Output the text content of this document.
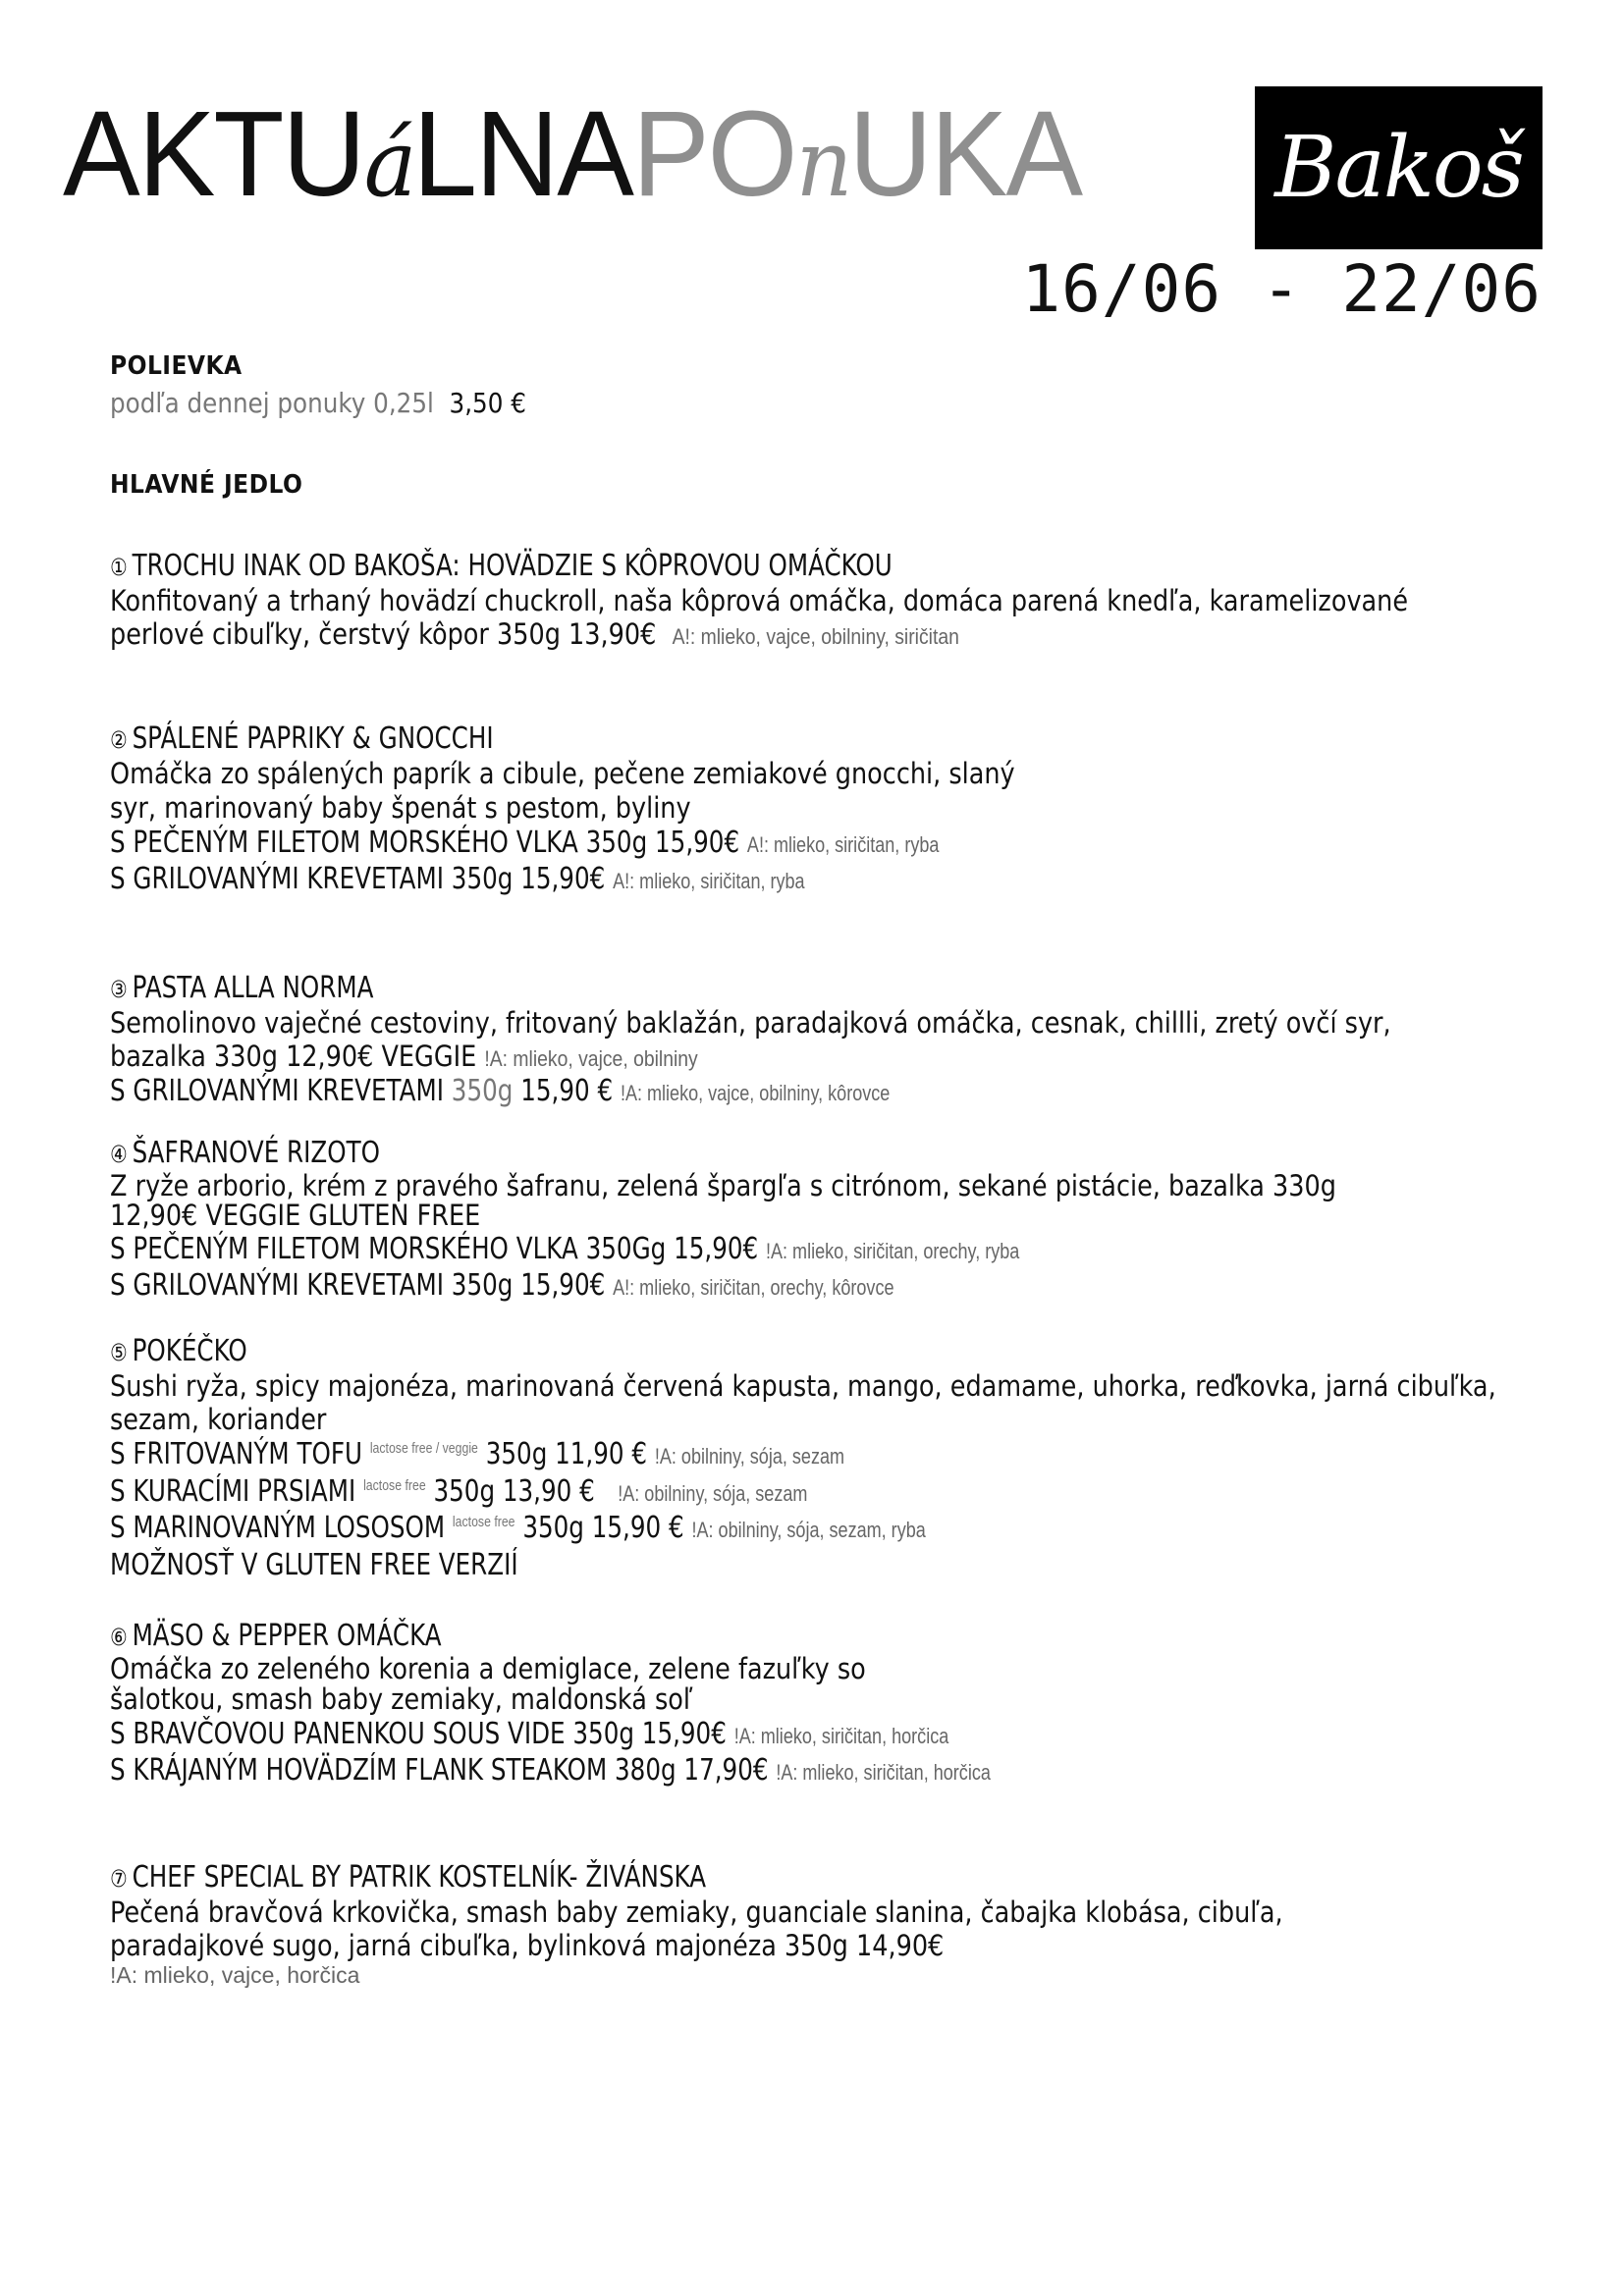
AKTUáLNAPOnUKA Bakoš
16/06 - 22/06
POLIEVKA
podľa dennej ponuky 0,25l 3,50 €
HLAVNÉ JEDLO
① TROCHU INAK OD BAKOŠA: HOVÄDZIE S KÔPROVOU OMÁČKOU
Konfitovaný a trhaný hovädzí chuckroll, naša kôprová omáčka, domáca parená knedľa, karamelizované
perlové cibuľky, čerstvý kôpor 350g 13,90€ A!: mlieko, vajce, obilniny, siričitan
② SPÁLENÉ PAPRIKY & GNOCCHI
Omáčka zo spálených paprík a cibule, pečene zemiakové gnocchi, slaný syr, marinovaný baby špenát s pestom, byliny
S PEČENÝM FILETOM MORSKÉHO VLKA 350g 15,90€ A!: mlieko, siričitan, ryba
S GRILOVANÝMI KREVETAMI 350g 15,90€ A!: mlieko, siričitan, ryba
③ PASTA ALLA NORMA
Semolinovo vaječné cestoviny, fritovaný baklažán, paradajková omáčka, cesnak, chillli, zretý ovčí syr,
bazalka 330g 12,90€ VEGGIE !A: mlieko, vajce, obilniny
S GRILOVANÝMI KREVETAMI 350g 15,90 € !A: mlieko, vajce, obilniny, kôrovce
④ ŠAFRANOVÉ RIZOTO
Z ryže arborio, krém z pravého šafranu, zelená špargľa s citrónom, sekané pistácie, bazalka 330g
12,90€ VEGGIE GLUTEN FREE
S PEČENÝM FILETOM MORSKÉHO VLKA 350Gg 15,90€ !A: mlieko, siričitan, orechy, ryba
S GRILOVANÝMI KREVETAMI 350g 15,90€ A!: mlieko, siričitan, orechy, kôrovce
⑤ POKÉČKO
Sushi ryža, spicy majonéza, marinovaná červená kapusta, mango, edamame, uhorka, reďkovka, jarná cibuľka, sezam, koriander
S FRITOVANÝM TOFU $^{lactose free / veggie}$ 350g 11,90 € !A: obilniny, sója, sezam
S KURACÍMI PRSIAMI $^{lactose free}$ 350g 13,90 € !A: obilniny, sója, sezam
S MARINOVANÝM LOSOSOM $^{lactose free}$ 350g 15,90 € !A: obilniny, sója, sezam, ryba
MOŽNOSŤ V GLUTEN FREE VERZIÍ
⑥ MÄSO & PEPPER OMÁČKA
Omáčka zo zeleného korenia a demiglace, zelene fazuľky so šalotkou, smash baby zemiaky, maldonská soľ
S BRAVČOVOU PANENKOU SOUS VIDE 350g 15,90€ !A: mlieko, siričitan, horčica
S KRÁJANÝM HOVÄDZÍM FLANK STEAKOM 380g 17,90€ !A: mlieko, siričitan, horčica
⑦ CHEF SPECIAL BY PATRIK KOSTELNÍK- ŽIVÁNSKA
Pečená bravčová krkovička, smash baby zemiaky, guanciale slanina, čabajka klobása, cibuľa,
paradajkové sugo, jarná cibuľka, bylinková majonéza 350g 14,90€
!A: mlieko, vajce, horčica
